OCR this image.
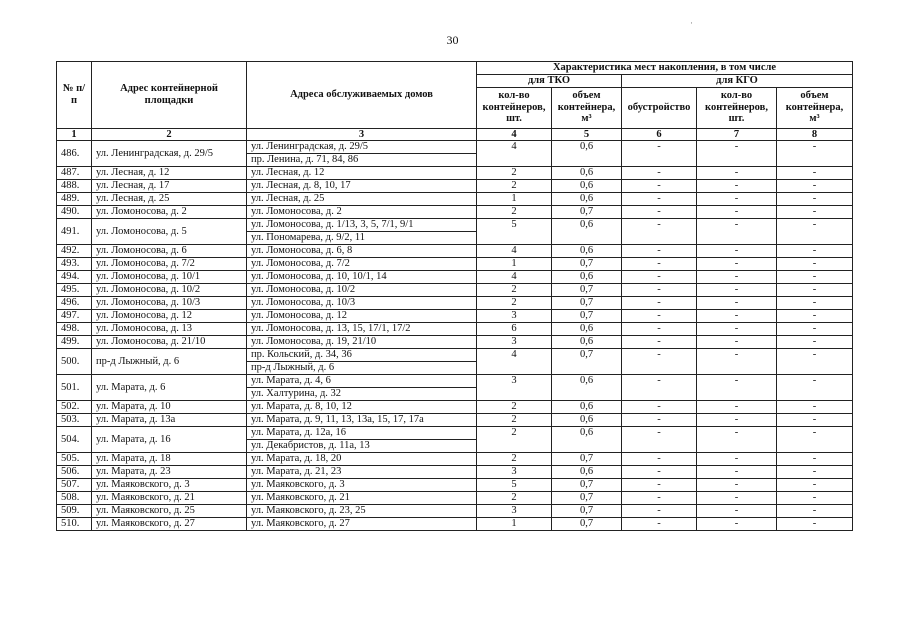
30
№ п/п	Адрес контейнерной площадки	Адреса обслуживаемых домов	Характеристика мест накопления, в том числе				
			для ТКО		для КГО		
			кол-во контейнеров, шт.	объем контейнера, м³	обустройство	кол-во контейнеров, шт.	объем контейнера, м³
1	2	3	4	5	6	7	8
486.	ул. Ленинградская, д. 29/5	ул. Ленинградская, д. 29/5	4	0,6	-	-	-
		пр. Ленина, д. 71, 84, 86					
487.	ул. Лесная, д. 12	ул. Лесная, д. 12	2	0,6	-	-	-
488.	ул. Лесная, д. 17	ул. Лесная, д. 8, 10, 17	2	0,6	-	-	-
489.	ул. Лесная, д. 25	ул. Лесная, д. 25	1	0,6	-	-	-
490.	ул. Ломоносова, д. 2	ул. Ломоносова, д. 2	2	0,7	-	-	-
491.	ул. Ломоносова, д. 5	ул. Ломоносова, д. 1/13, 3, 5, 7/1, 9/1	5	0,6	-	-	-
		ул. Пономарева, д. 9/2, 11					
492.	ул. Ломоносова, д. 6	ул. Ломоносова, д. 6, 8	4	0,6	-	-	-
493.	ул. Ломоносова, д. 7/2	ул. Ломоносова, д. 7/2	1	0,7	-	-	-
494.	ул. Ломоносова, д. 10/1	ул. Ломоносова, д. 10, 10/1, 14	4	0,6	-	-	-
495.	ул. Ломоносова, д. 10/2	ул. Ломоносова, д. 10/2	2	0,7	-	-	-
496.	ул. Ломоносова, д. 10/3	ул. Ломоносова, д. 10/3	2	0,7	-	-	-
497.	ул. Ломоносова, д. 12	ул. Ломоносова, д. 12	3	0,7	-	-	-
498.	ул. Ломоносова, д. 13	ул. Ломоносова, д. 13, 15, 17/1, 17/2	6	0,6	-	-	-
499.	ул. Ломоносова, д. 21/10	ул. Ломоносова, д. 19, 21/10	3	0,6	-	-	-
500.	пр-д Лыжный, д. 6	пр. Кольский, д. 34, 36	4	0,7	-	-	-
		пр-д Лыжный, д. 6					
501.	ул. Марата, д. 6	ул. Марата, д. 4, 6	3	0,6	-	-	-
		ул. Халтурина, д. 32					
502.	ул. Марата, д. 10	ул. Марата, д. 8, 10, 12	2	0,6	-	-	-
503.	ул. Марата, д. 13а	ул. Марата, д. 9, 11, 13, 13а, 15, 17, 17а	2	0,6	-	-	-
504.	ул. Марата, д. 16	ул. Марата, д. 12а, 16	2	0,6	-	-	-
		ул. Декабристов, д. 11а, 13					
505.	ул. Марата, д. 18	ул. Марата, д. 18, 20	2	0,7	-	-	-
506.	ул. Марата, д. 23	ул. Марата, д. 21, 23	3	0,6	-	-	-
507.	ул. Маяковского, д. 3	ул. Маяковского, д. 3	5	0,7	-	-	-
508.	ул. Маяковского, д. 21	ул. Маяковского, д. 21	2	0,7	-	-	-
509.	ул. Маяковского, д. 25	ул. Маяковского, д. 23, 25	3	0,7	-	-	-
510.	ул. Маяковского, д. 27	ул. Маяковского, д. 27	1	0,7	-	-	-
·
